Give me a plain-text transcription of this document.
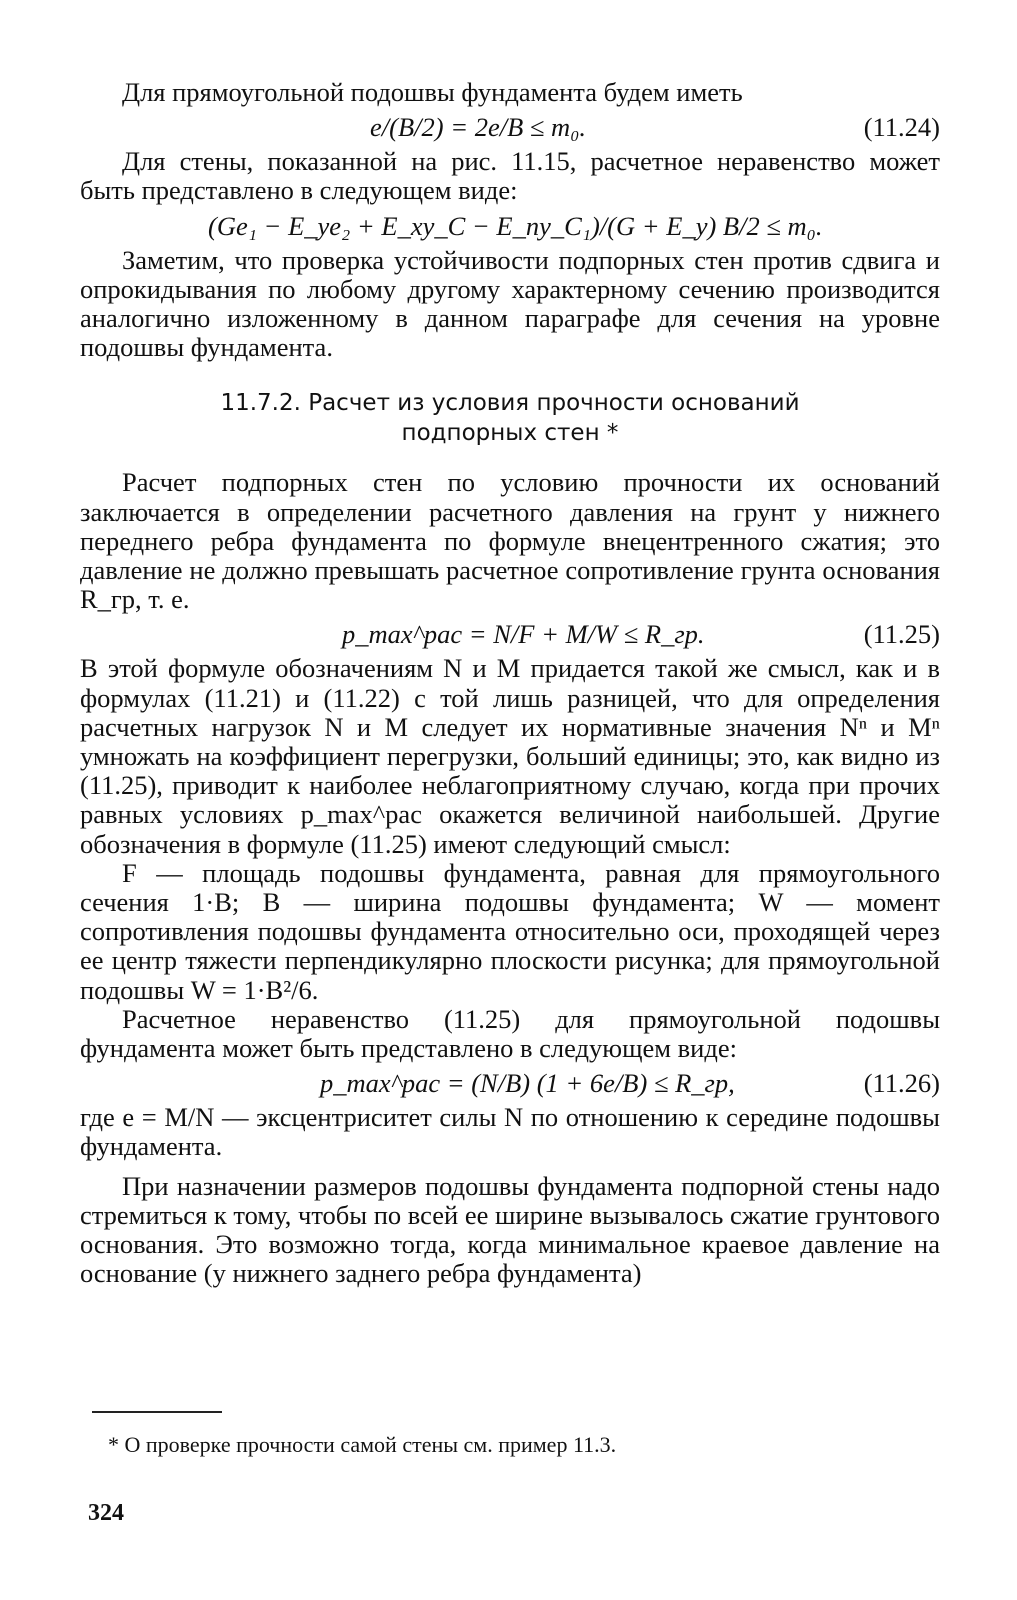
Для прямоугольной подошвы фундамента будем иметь

e/(B/2) = 2e/B ≤ m₀.	(11.24)

Для стены, показанной на рис. 11.15, расчетное неравенство может быть представлено в следующем виде:

(Ge₁ − E_ye₂ + E_xy_C − E_пy_C₁)/(G + E_y) B/2 ≤ m₀.

Заметим, что проверка устойчивости подпорных стен против сдвига и опрокидывания по любому другому характерному сечению производится аналогично изложенному в данном параграфе для сечения на уровне подошвы фундамента.

11.7.2. Расчет из условия прочности оснований
подпорных стен *

Расчет подпорных стен по условию прочности их оснований заключается в определении расчетного давления на грунт у нижнего переднего ребра фундамента по формуле внецентренного сжатия; это давление не должно превышать расчетное сопротивление грунта основания R_гр, т. е.

p_max^рас = N/F + M/W ≤ R_гр.	(11.25)

В этой формуле обозначениям N и M придается такой же смысл, как и в формулах (11.21) и (11.22) с той лишь разницей, что для определения расчетных нагрузок N и M следует их нормативные значения Nⁿ и Mⁿ умножать на коэффициент перегрузки, больший единицы; это, как видно из (11.25), приводит к наиболее неблагоприятному случаю, когда при прочих равных условиях p_max^рас окажется величиной наибольшей. Другие обозначения в формуле (11.25) имеют следующий смысл:

F — площадь подошвы фундамента, равная для прямоугольного сечения 1·B; B — ширина подошвы фундамента; W — момент сопротивления подошвы фундамента относительно оси, проходящей через ее центр тяжести перпендикулярно плоскости рисунка; для прямоугольной подошвы W = 1·B²/6.

Расчетное неравенство (11.25) для прямоугольной подошвы фундамента может быть представлено в следующем виде:

p_max^рас = (N/B) (1 + 6e/B) ≤ R_гр,	(11.26)

где e = M/N — эксцентриситет силы N по отношению к середине подошвы фундамента.

При назначении размеров подошвы фундамента подпорной стены надо стремиться к тому, чтобы по всей ее ширине вызывалось сжатие грунтового основания. Это возможно тогда, когда минимальное краевое давление на основание (у нижнего заднего ребра фундамента)

* О проверке прочности самой стены см. пример 11.3.
324
